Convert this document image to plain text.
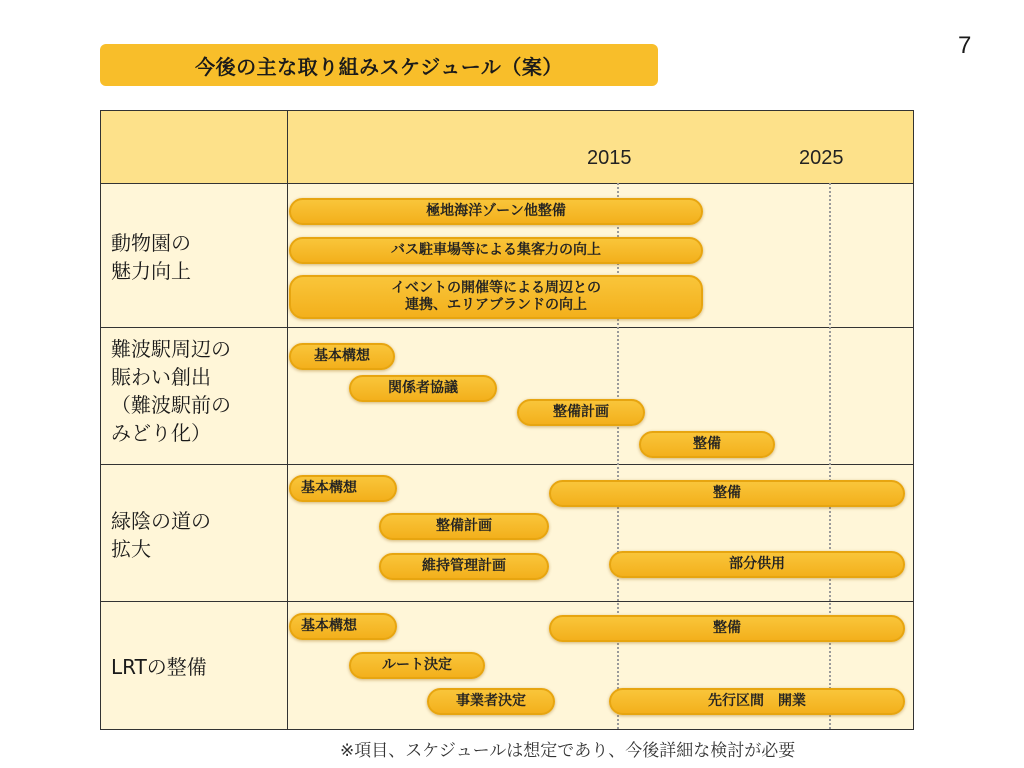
7
今後の主な取り組みスケジュール（案）
2015	2025
動物園の
魅力向上
極地海洋ゾーン他整備
バス駐車場等による集客力の向上
イベントの開催等による周辺との
連携、エリアブランドの向上
難波駅周辺の
賑わい創出
（難波駅前の
みどり化）
基本構想
関係者協議
整備計画
整備
緑陰の道の
拡大
基本構想	整備
整備計画
維持管理計画	部分供用
LRTの整備
基本構想	整備
ルート決定
事業者決定	先行区間　開業
※項目、スケジュールは想定であり、今後詳細な検討が必要
